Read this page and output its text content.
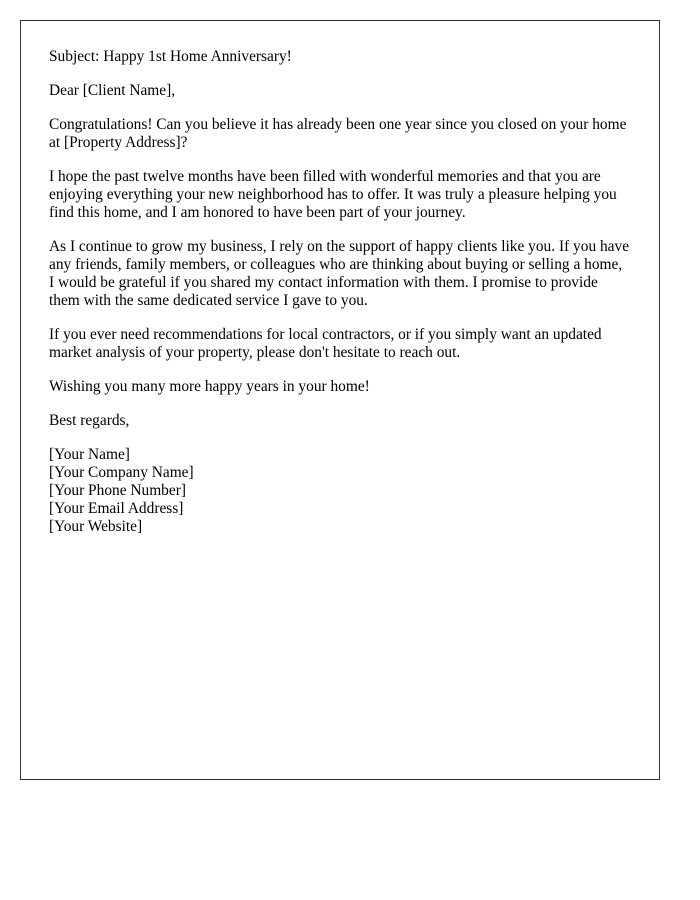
Subject: Happy 1st Home Anniversary!

Dear [Client Name],

Congratulations! Can you believe it has already been one year since you closed on your home at [Property Address]?

I hope the past twelve months have been filled with wonderful memories and that you are enjoying everything your new neighborhood has to offer. It was truly a pleasure helping you find this home, and I am honored to have been part of your journey.

As I continue to grow my business, I rely on the support of happy clients like you. If you have any friends, family members, or colleagues who are thinking about buying or selling a home, I would be grateful if you shared my contact information with them. I promise to provide them with the same dedicated service I gave to you.

If you ever need recommendations for local contractors, or if you simply want an updated market analysis of your property, please don't hesitate to reach out.

Wishing you many more happy years in your home!

Best regards,

[Your Name]
[Your Company Name]
[Your Phone Number]
[Your Email Address]
[Your Website]
